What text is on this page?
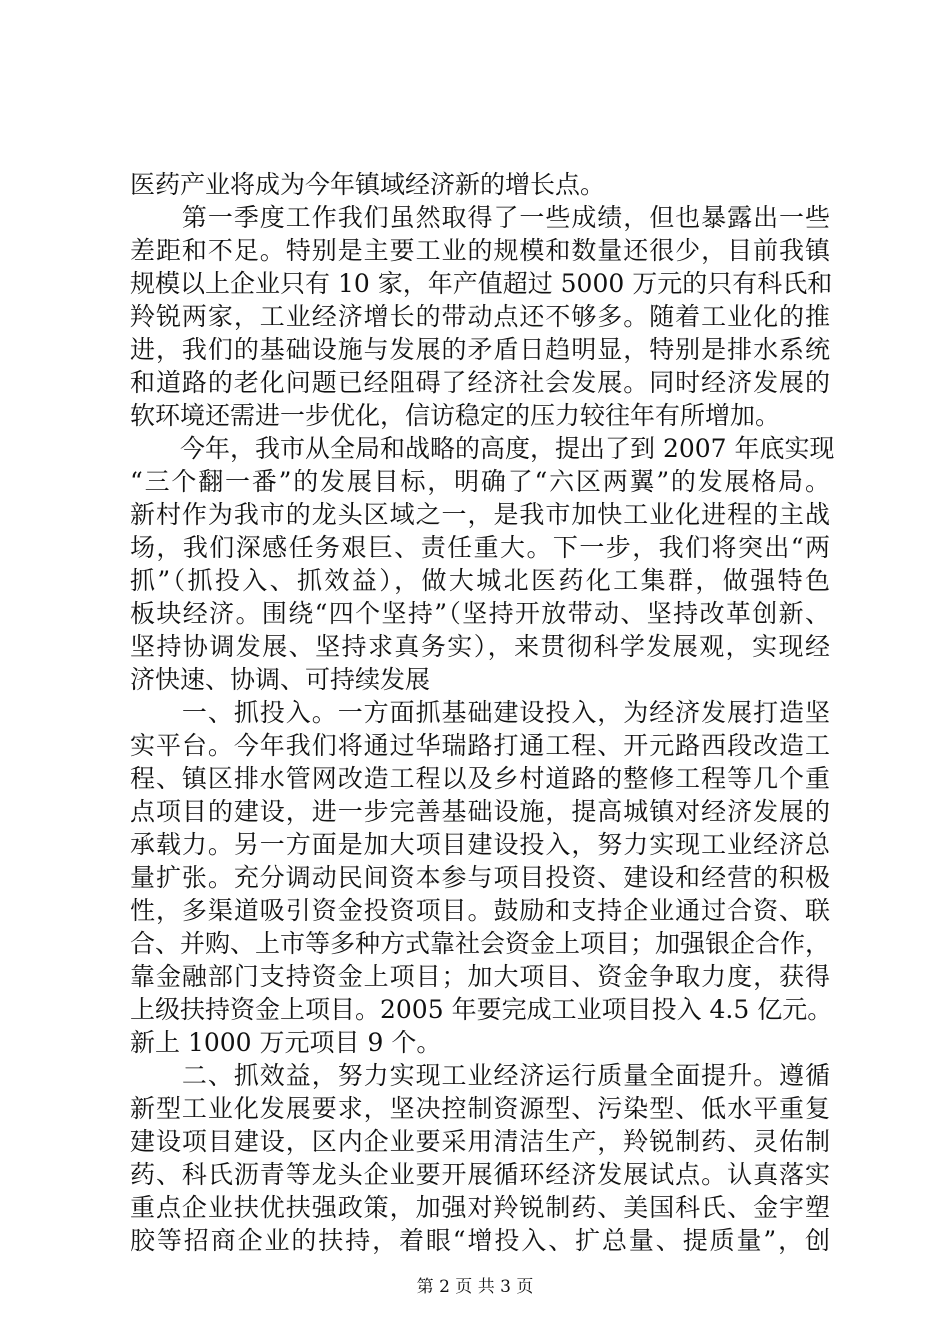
医药产业将成为今年镇域经济新的增长点。
　　第一季度工作我们虽然取得了一些成绩，但也暴露出一些
差距和不足。特别是主要工业的规模和数量还很少，目前我镇
规模以上企业只有 10 家，年产值超过 5000 万元的只有科氏和
羚锐两家，工业经济增长的带动点还不够多。随着工业化的推
进，我们的基础设施与发展的矛盾日趋明显，特别是排水系统
和道路的老化问题已经阻碍了经济社会发展。同时经济发展的
软环境还需进一步优化，信访稳定的压力较往年有所增加。
　　今年，我市从全局和战略的高度，提出了到 2007 年底实现
“三个翻一番”的发展目标，明确了“六区两翼”的发展格局。
新村作为我市的龙头区域之一，是我市加快工业化进程的主战
场，我们深感任务艰巨、责任重大。下一步，我们将突出“两
抓”（抓投入、抓效益），做大城北医药化工集群，做强特色
板块经济。围绕“四个坚持”（坚持开放带动、坚持改革创新、
坚持协调发展、坚持求真务实），来贯彻科学发展观，实现经
济快速、协调、可持续发展
　　一、抓投入。一方面抓基础建设投入，为经济发展打造坚
实平台。今年我们将通过华瑞路打通工程、开元路西段改造工
程、镇区排水管网改造工程以及乡村道路的整修工程等几个重
点项目的建设，进一步完善基础设施，提高城镇对经济发展的
承载力。另一方面是加大项目建设投入，努力实现工业经济总
量扩张。充分调动民间资本参与项目投资、建设和经营的积极
性，多渠道吸引资金投资项目。鼓励和支持企业通过合资、联
合、并购、上市等多种方式靠社会资金上项目；加强银企合作，
靠金融部门支持资金上项目；加大项目、资金争取力度，获得
上级扶持资金上项目。2005 年要完成工业项目投入 4.5 亿元。
新上 1000 万元项目 9 个。
　　二、抓效益，努力实现工业经济运行质量全面提升。遵循
新型工业化发展要求，坚决控制资源型、污染型、低水平重复
建设项目建设，区内企业要采用清洁生产，羚锐制药、灵佑制
药、科氏沥青等龙头企业要开展循环经济发展试点。认真落实
重点企业扶优扶强政策，加强对羚锐制药、美国科氏、金宇塑
胶等招商企业的扶持，着眼“增投入、扩总量、提质量”，创
第 2 页 共 3 页
